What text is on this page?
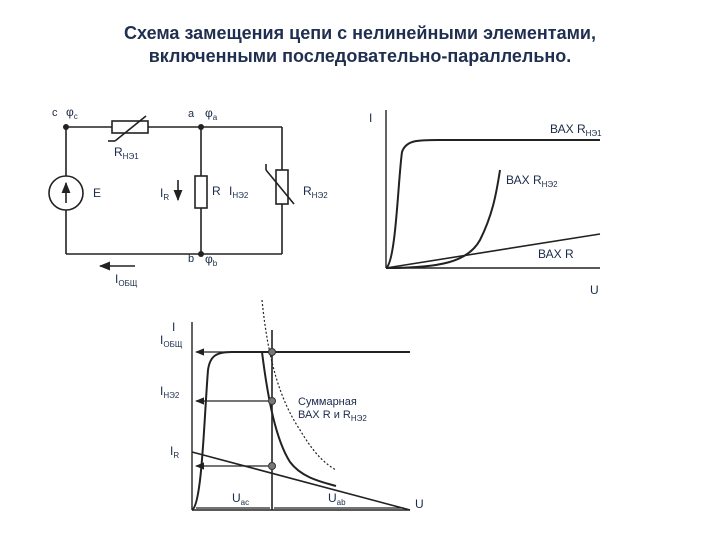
Схема замещения цепи с нелинейными элементами,
включенными последовательно-параллельно.
c $\varphi_c$	a $\varphi_a$
b $\varphi_b$
$R_{НЭ1}$
E	$I_R$	R $I_{НЭ2}$	$R_{НЭ2}$
$I_{ОБЩ}$
I
U
ВАХ $R_{НЭ1}$
ВАХ $R_{НЭ2}$
ВАХ R
I
$I_{ОБЩ}$
$I_{НЭ2}$
$I_R$
Суммарная
ВАХ R и $R_{НЭ2}$
$U_{ac}$	$U_{ab}$	U
